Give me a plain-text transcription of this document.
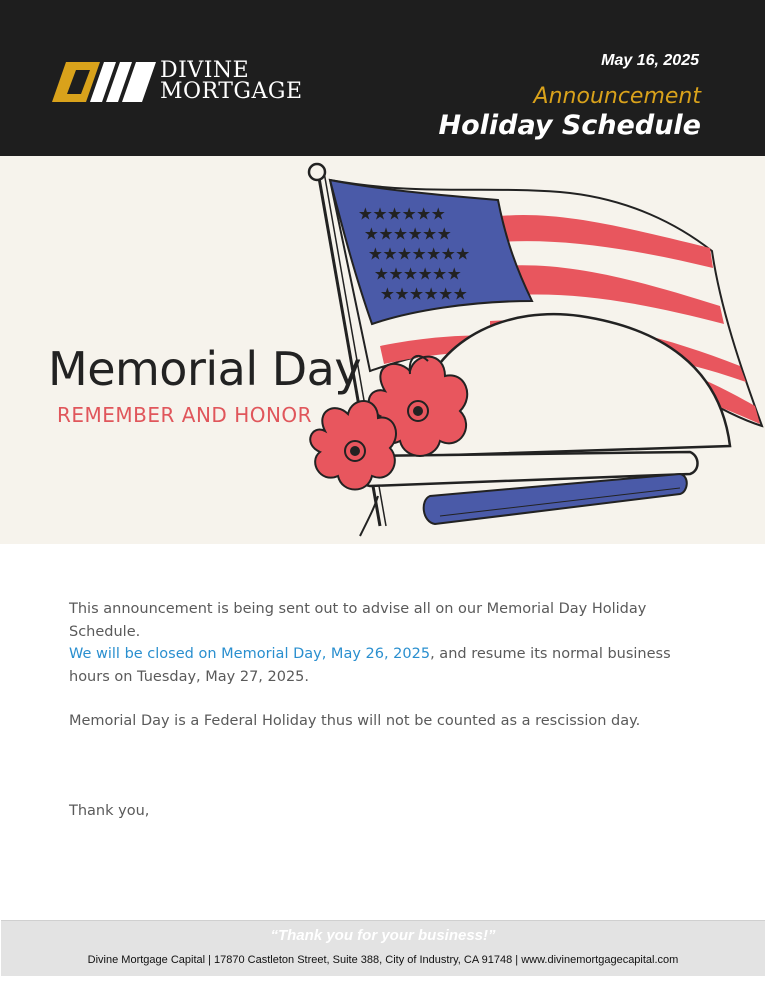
DIVINE
MORTGAGE
May 16, 2025
Announcement
Holiday Schedule
★ ★ ★ ★ ★ ★
★ ★ ★ ★ ★ ★
★ ★ ★ ★ ★ ★ ★
★ ★ ★ ★ ★ ★
★ ★ ★ ★ ★ ★
Memorial Day
REMEMBER AND HONOR
This announcement is being sent out to advise all on our Memorial Day Holiday Schedule.
We will be closed on Memorial Day, May 26, 2025, and resume its normal business hours on Tuesday, May 27, 2025.
Memorial Day is a Federal Holiday thus will not be counted as a rescission day.
Thank you,
“Thank you for your business!”
Divine Mortgage Capital | 17870 Castleton Street, Suite 388, City of Industry, CA 91748 | www.divinemortgagecapital.com
